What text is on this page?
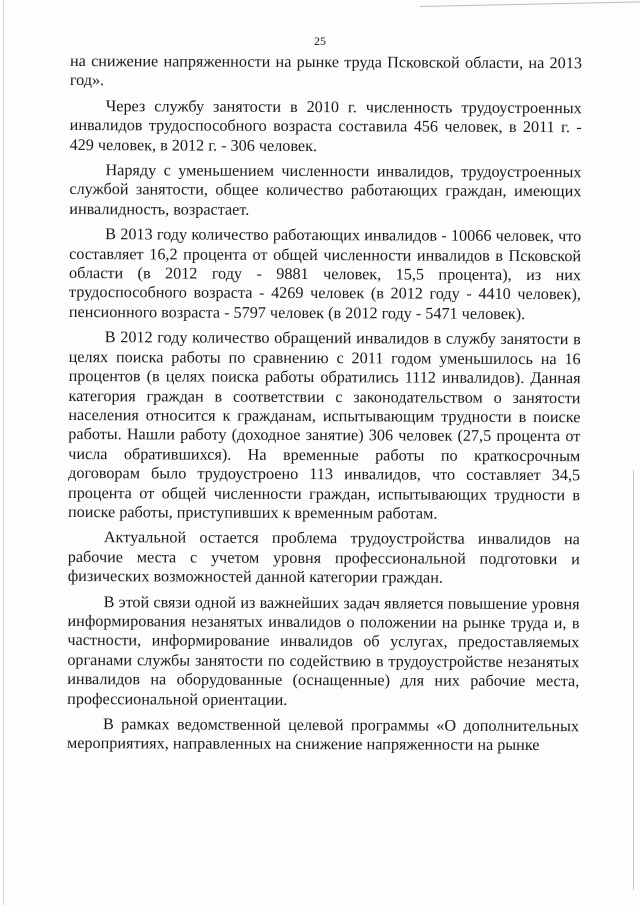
25

на снижение напряженности на рынке труда Псковской области, на 2013 год».

Через службу занятости в 2010 г. численность трудоустроенных инвалидов трудоспособного возраста составила 456 человек, в 2011 г. - 429 человек, в 2012 г. - 306 человек.

Наряду с уменьшением численности инвалидов, трудоустроенных службой занятости, общее количество работающих граждан, имеющих инвалидность, возрастает.

В 2013 году количество работающих инвалидов - 10066 человек, что составляет 16,2 процента от общей численности инвалидов в Псковской области (в 2012 году - 9881 человек, 15,5 процента), из них трудоспособного возраста - 4269 человек (в 2012 году - 4410 человек), пенсионного возраста - 5797 человек (в 2012 году - 5471 человек).

В 2012 году количество обращений инвалидов в службу занятости в целях поиска работы по сравнению с 2011 годом уменьшилось на 16 процентов (в целях поиска работы обратились 1112 инвалидов). Данная категория граждан в соответствии с законодательством о занятости населения относится к гражданам, испытывающим трудности в поиске работы. Нашли работу (доходное занятие) 306 человек (27,5 процента от числа обратившихся). На временные работы по краткосрочным договорам было трудоустроено 113 инвалидов, что составляет 34,5 процента от общей численности граждан, испытывающих трудности в поиске работы, приступивших к временным работам.

Актуальной остается проблема трудоустройства инвалидов на рабочие места с учетом уровня профессиональной подготовки и физических возможностей данной категории граждан.

В этой связи одной из важнейших задач является повышение уровня информирования незанятых инвалидов о положении на рынке труда и, в частности, информирование инвалидов об услугах, предоставляемых органами службы занятости по содействию в трудоустройстве незанятых инвалидов на оборудованные (оснащенные) для них рабочие места, профессиональной ориентации.

В рамках ведомственной целевой программы «О дополнительных мероприятиях, направленных на снижение напряженности на рынке
